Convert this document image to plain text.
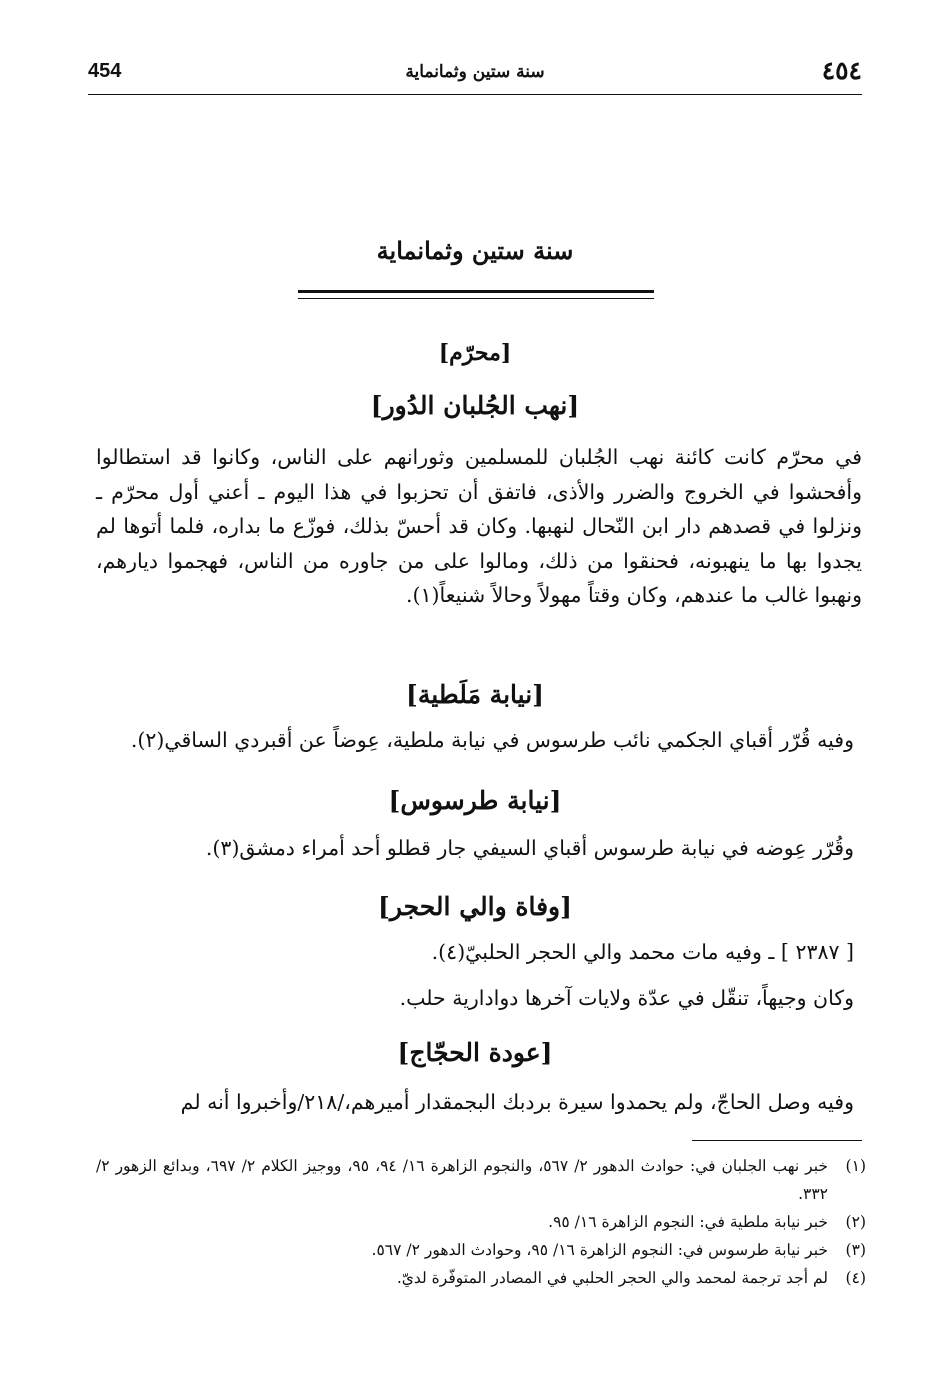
٤٥٤
سنة ستين وثمانماية
454
سنة ستين وثمانماية
[محرّم]
[نهب الجُلبان الدُور]
في محرّم كانت كائنة نهب الجُلبان للمسلمين وثورانهم على الناس، وكانوا قد استطالوا وأفحشوا في الخروج والضرر والأذى، فاتفق أن تحزبوا في هذا اليوم ـ أعني أول محرّم ـ ونزلوا في قصدهم دار ابن النّحال لنهبها. وكان قد أحسّ بذلك، فوزّع ما بداره، فلما أتوها لم يجدوا بها ما ينهبونه، فحنقوا من ذلك، ومالوا على من جاوره من الناس، فهجموا ديارهم، ونهبوا غالب ما عندهم، وكان وقتاً مهولاً وحالاً شنيعاً(١).
[نيابة مَلَطية]
وفيه قُرّر أقباي الجكمي نائب طرسوس في نيابة ملطية، عِوضاً عن أقبردي الساقي(٢).
[نيابة طرسوس]
وقُرّر عِوضه في نيابة طرسوس أقباي السيفي جار قطلو أحد أمراء دمشق(٣).
[وفاة والي الحجر]
[ ٢٣٨٧ ] ـ وفيه مات محمد والي الحجر الحلبيّ(٤).
وكان وجيهاً، تنقّل في عدّة ولايات آخرها دوادارية حلب.
[عودة الحجّاج]
وفيه وصل الحاجّ، ولم يحمدوا سيرة بردبك البجمقدار أميرهم،/٢١٨/وأخبروا أنه لم
(١)
خبر نهب الجلبان في: حوادث الدهور ٢/ ٥٦٧، والنجوم الزاهرة ١٦/ ٩٤، ٩٥، ووجيز الكلام ٢/ ٦٩٧، وبدائع الزهور ٢/ ٣٣٢.
(٢)
خبر نيابة ملطية في: النجوم الزاهرة ١٦/ ٩٥.
(٣)
خبر نيابة طرسوس في: النجوم الزاهرة ١٦/ ٩٥، وحوادث الدهور ٢/ ٥٦٧.
(٤)
لم أجد ترجمة لمحمد والي الحجر الحلبي في المصادر المتوفّرة لديّ.
